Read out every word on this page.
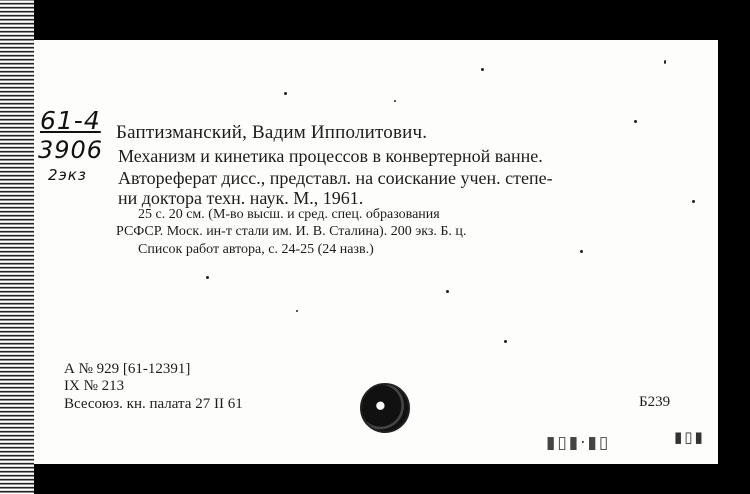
61-4
3906
2экз
Баптизманский, Вадим Ипполитович.
Механизм и кинетика процессов в конвертерной ванне.
Автореферат дисс., представл. на соискание учен. степе-
ни доктора техн. наук. М., 1961.
25 с. 20 см. (М-во высш. и сред. спец. образования
РСФСР. Моск. ин-т стали им. И. В. Сталина). 200 экз. Б. ц.
Список работ автора, с. 24-25 (24 назв.)
А № 929 [61-12391]
IX № 213
Всесоюз. кн. палата 27 II 61	Б239
▮▯▮·▮▯	▮▯▮
